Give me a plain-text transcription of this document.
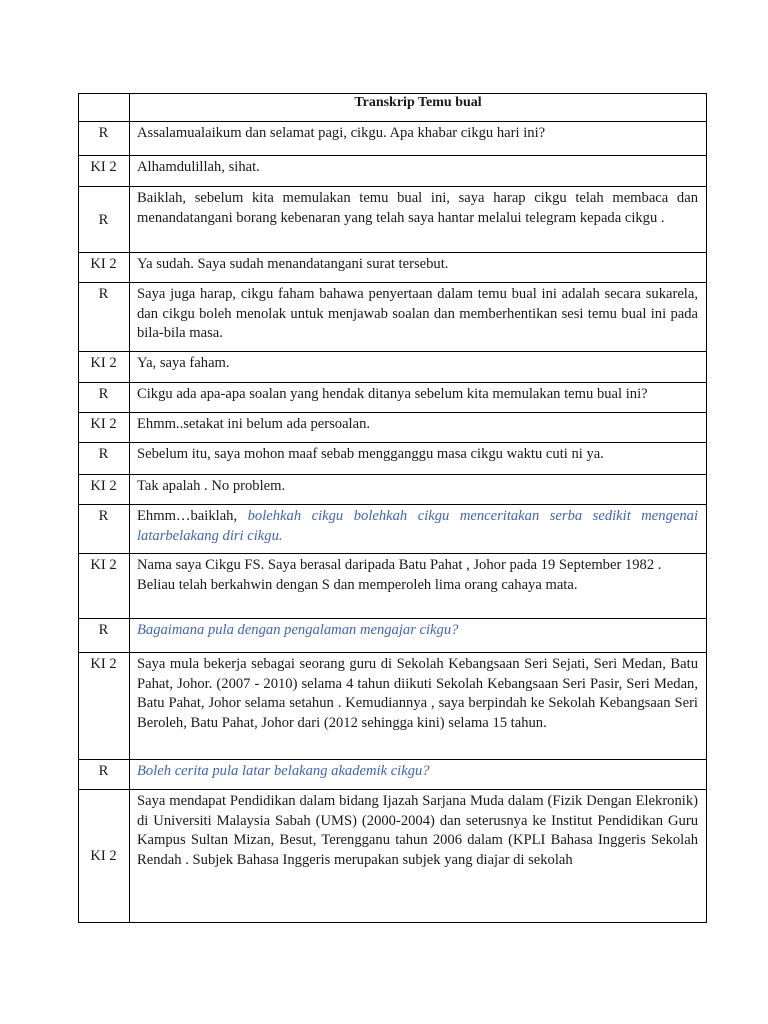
	Transkrip Temu bual
R	Assalamualaikum dan selamat pagi, cikgu. Apa khabar cikgu hari ini?
KI 2	Alhamdulillah, sihat.
R	Baiklah, sebelum kita memulakan temu bual ini, saya harap cikgu telah membaca dan menandatangani borang kebenaran yang telah saya hantar melalui telegram kepada cikgu .
KI 2	Ya sudah. Saya sudah menandatangani surat tersebut.
R	Saya juga harap, cikgu faham bahawa penyertaan dalam temu bual ini adalah secara sukarela, dan cikgu boleh menolak untuk menjawab soalan dan memberhentikan sesi temu bual ini pada bila-bila masa.
KI 2	Ya, saya faham.
R	Cikgu ada apa-apa soalan yang hendak ditanya sebelum kita memulakan temu bual ini?
KI 2	Ehmm..setakat ini belum ada persoalan.
R	Sebelum itu, saya mohon maaf sebab mengganggu masa cikgu waktu cuti ni ya.
KI 2	Tak apalah . No problem.
R	Ehmm…baiklah, bolehkah cikgu bolehkah cikgu menceritakan serba sedikit mengenai latarbelakang diri cikgu.
KI 2	Nama saya Cikgu FS. Saya berasal daripada Batu Pahat , Johor pada 19 September 1982 .
Beliau telah berkahwin dengan S dan memperoleh lima orang cahaya mata.

R	Bagaimana pula dengan pengalaman mengajar cikgu?
KI 2	Saya mula bekerja sebagai seorang guru di Sekolah Kebangsaan Seri Sejati, Seri Medan, Batu Pahat, Johor. (2007 - 2010) selama 4 tahun diikuti Sekolah Kebangsaan Seri Pasir, Seri Medan, Batu Pahat, Johor selama setahun . Kemudiannya , saya berpindah ke Sekolah Kebangsaan Seri Beroleh, Batu Pahat, Johor dari (2012 sehingga kini) selama 15 tahun.
R	Boleh cerita pula latar belakang akademik cikgu?
KI 2	Saya mendapat Pendidikan dalam bidang Ijazah Sarjana Muda dalam (Fizik Dengan Elekronik) di Universiti Malaysia Sabah (UMS) (2000-2004) dan seterusnya ke Institut Pendidikan Guru Kampus Sultan Mizan, Besut, Terengganu tahun 2006 dalam (KPLI Bahasa Inggeris Sekolah Rendah . Subjek Bahasa Inggeris merupakan subjek yang diajar di sekolah
